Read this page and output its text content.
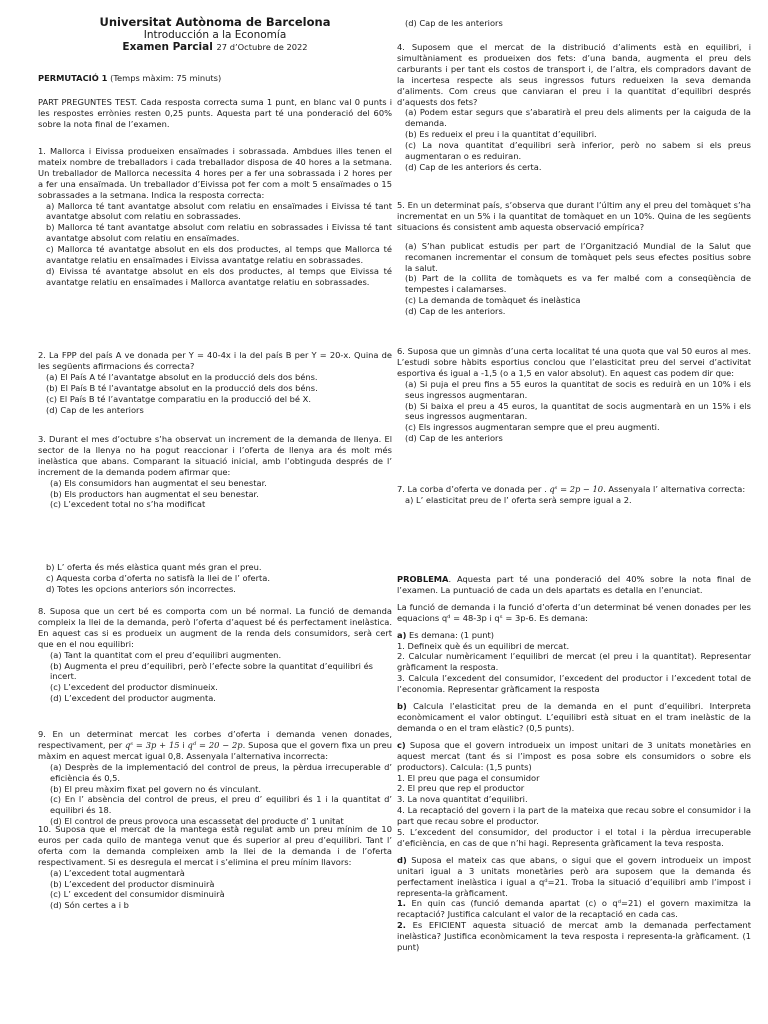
Universitat Autònoma de Barcelona

Introducción a la Economía

Examen Parcial 27 d’Octubre de 2022

PERMUTACIÓ 1 (Temps màxim: 75 minuts)

PART PREGUNTES TEST. Cada resposta correcta suma 1 punt, en blanc val 0 punts i les respostes errònies resten 0,25 punts. Aquesta part té una ponderació del 60% sobre la nota final de l’examen.

1. Mallorca i Eivissa produeixen ensaïmades i sobrassada. Ambdues illes tenen el mateix nombre de treballadors i cada treballador disposa de 40 hores a la setmana. Un treballador de Mallorca necessita 4 hores per a fer una sobrassada i 2 hores per a fer una ensaïmada. Un treballador d’Eivissa pot fer com a molt 5 ensaïmades o 15 sobrassades a la setmana. Indica la resposta correcta:

a) Mallorca té tant avantatge absolut com relatiu en ensaïmades i Eivissa té tant avantatge absolut com relatiu en sobrassades.

b) Mallorca té tant avantatge absolut com relatiu en sobrassades i Eivissa té tant avantatge absolut com relatiu en ensaïmades.

c) Mallorca té avantatge absolut en els dos productes, al temps que Mallorca té avantatge relatiu en ensaïmades i Eivissa avantatge relatiu en sobrassades.

d) Eivissa té avantatge absolut en els dos productes, al temps que Eivissa té avantatge relatiu en ensaïmades i Mallorca avantatge relatiu en sobrassades.

2. La FPP del país A ve donada per Y = 40-4x i la del país B per Y = 20-x. Quina de les següents afirmacions és correcta?

(a) El País A té l’avantatge absolut en la producció dels dos béns.

(b) El País B té l’avantatge absolut en la producció dels dos béns.

(c) El País B té l’avantatge comparatiu en la producció del bé X.

(d) Cap de les anteriors

3. Durant el mes d’octubre s’ha observat un increment de la demanda de llenya. El sector de la llenya no ha pogut reaccionar i l’oferta de llenya ara és molt més inelàstica que abans. Comparant la situació inicial, amb l’obtinguda després de l’ increment de la demanda podem afirmar que:

(a) Els consumidors han augmentat el seu benestar.

(b) Els productors han augmentat el seu benestar.

(c) L’excedent total no s’ha modificat

b) L’ oferta és més elàstica quant més gran el preu.

c) Aquesta corba d’oferta no satisfà la llei de l’ oferta.

d) Totes les opcions anteriors són incorrectes.

8. Suposa que un cert bé es comporta com un bé normal. La funció de demanda compleix la llei de la demanda, però l’oferta d’aquest bé és perfectament inelàstica. En aquest cas si es produeix un augment de la renda dels consumidors, serà cert que en el nou equilibri:

(a) Tant la quantitat com el preu d’equilibri augmenten.

(b) Augmenta el preu d’equilibri, però l’efecte sobre la quantitat d’equilibri és incert.

(c) L’excedent del productor disminueix.

(d) L’excedent del productor augmenta.

9. En un determinat mercat les corbes d’oferta i demanda venen donades, respectivament, per qˢ = 3p + 15 i qᵈ = 20 − 2p. Suposa que el govern fixa un preu màxim en aquest mercat igual 0,8. Assenyala l’alternativa incorrecta:

(a) Desprès de la implementació del control de preus, la pèrdua irrecuperable d’ eficiència és 0,5.

(b) El preu màxim fixat pel govern no és vinculant.

(c) En l’ absència del control de preus, el preu d’ equilibri és 1 i la quantitat d’ equilibri és 18.

(d) El control de preus provoca una escassetat del producte d’ 1 unitat

10. Suposa que el mercat de la mantega està regulat amb un preu mínim de 10 euros per cada quilo de mantega venut que és superior al preu d’equilibri. Tant l’ oferta com la demanda compleixen amb la llei de la demanda i de l’oferta respectivament. Si es desregula el mercat i s’elimina el preu mínim llavors:

(a) L’excedent total augmentarà

(b) L’excedent del productor disminuirà

(c) L’ excedent del consumidor disminuirà

(d) Són certes a i b

(d) Cap de les anteriors

4. Suposem que el mercat de la distribució d’aliments està en equilibri, i simultàniament es produeixen dos fets: d’una banda, augmenta el preu dels carburants i per tant els costos de transport i, de l’altra, els compradors davant de la incertesa respecte als seus ingressos futurs redueixen la seva demanda d’aliments. Com creus que canviaran el preu i la quantitat d’equilibri després d’aquests dos fets?

(a) Podem estar segurs que s’abaratirà el preu dels aliments per la caiguda de la demanda.

(b) Es redueix el preu i la quantitat d’equilibri.

(c) La nova quantitat d’equilibri serà inferior, però no sabem si els preus augmentaran o es reduiran.

(d) Cap de les anteriors és certa.

5. En un determinat país, s’observa que durant l’últim any el preu del tomàquet s’ha incrementat en un 5% i la quantitat de tomàquet en un 10%. Quina de les següents situacions és consistent amb aquesta observació empírica?

(a) S’han publicat estudis per part de l’Organització Mundial de la Salut que recomanen incrementar el consum de tomàquet pels seus efectes positius sobre la salut.

(b) Part de la collita de tomàquets es va fer malbé com a conseqüència de tempestes i calamarses.

(c) La demanda de tomàquet és inelàstica

(d) Cap de les anteriors.

6. Suposa que un gimnàs d’una certa localitat té una quota que val 50 euros al mes. L’estudi sobre hàbits esportius conclou que l’elasticitat preu del servei d’activitat esportiva és igual a -1,5 (o a 1,5 en valor absolut). En aquest cas podem dir que:

(a) Si puja el preu fins a 55 euros la quantitat de socis es reduirà en un 10% i els seus ingressos augmentaran.

(b) Si baixa el preu a 45 euros, la quantitat de socis augmentarà en un 15% i els seus ingressos augmentaran.

(c) Els ingressos augmentaran sempre que el preu augmenti.

(d) Cap de les anteriors

7. La corba d’oferta ve donada per . qˢ = 2p − 10. Assenyala l’ alternativa correcta:

a) L’ elasticitat preu de l’ oferta serà sempre igual a 2.

PROBLEMA. Aquesta part té una ponderació del 40% sobre la nota final de l’examen. La puntuació de cada un dels apartats es detalla en l’enunciat.

La funció de demanda i la funció d’oferta d’un determinat bé venen donades per les equacions qᵈ = 48-3p i qˢ = 3p-6. Es demana:

a) Es demana: (1 punt)

1. Defineix què és un equilibri de mercat.

2. Calcular numèricament l’equilibri de mercat (el preu i la quantitat). Representar gràficament la resposta.

3. Calcula l’excedent del consumidor, l’excedent del productor i l’excedent total de l’economia. Representar gràficament la resposta

b) Calcula l’elasticitat preu de la demanda en el punt d’equilibri. Interpreta econòmicament el valor obtingut. L’equilibri està situat en el tram inelàstic de la demanda o en el tram elàstic? (0,5 punts).

c) Suposa que el govern introdueix un impost unitari de 3 unitats monetàries en aquest mercat (tant és si l’impost es posa sobre els consumidors o sobre els productors). Calcula: (1,5 punts)

1. El preu que paga el consumidor

2. El preu que rep el productor

3. La nova quantitat d’equilibri.

4. La recaptació del govern i la part de la mateixa que recau sobre el consumidor i la part que recau sobre el productor.

5. L’excedent del consumidor, del productor i el total i la pèrdua irrecuperable d’eficiència, en cas de que n’hi hagi. Representa gràficament la teva resposta.

d) Suposa el mateix cas que abans, o sigui que el govern introdueix un impost unitari igual a 3 unitats monetàries però ara suposem que la demanda és perfectament inelàstica i igual a qᵈ=21. Troba la situació d’equilibri amb l’impost i representa-la gràficament.

1. En quin cas (funció demanda apartat (c) o qᵈ=21) el govern maximitza la recaptació? Justifica calculant el valor de la recaptació en cada cas.

2. Es EFICIENT aquesta situació de mercat amb la demanada perfectament inelàstica? Justifica econòmicament la teva resposta i representa-la gràficament. (1 punt)
